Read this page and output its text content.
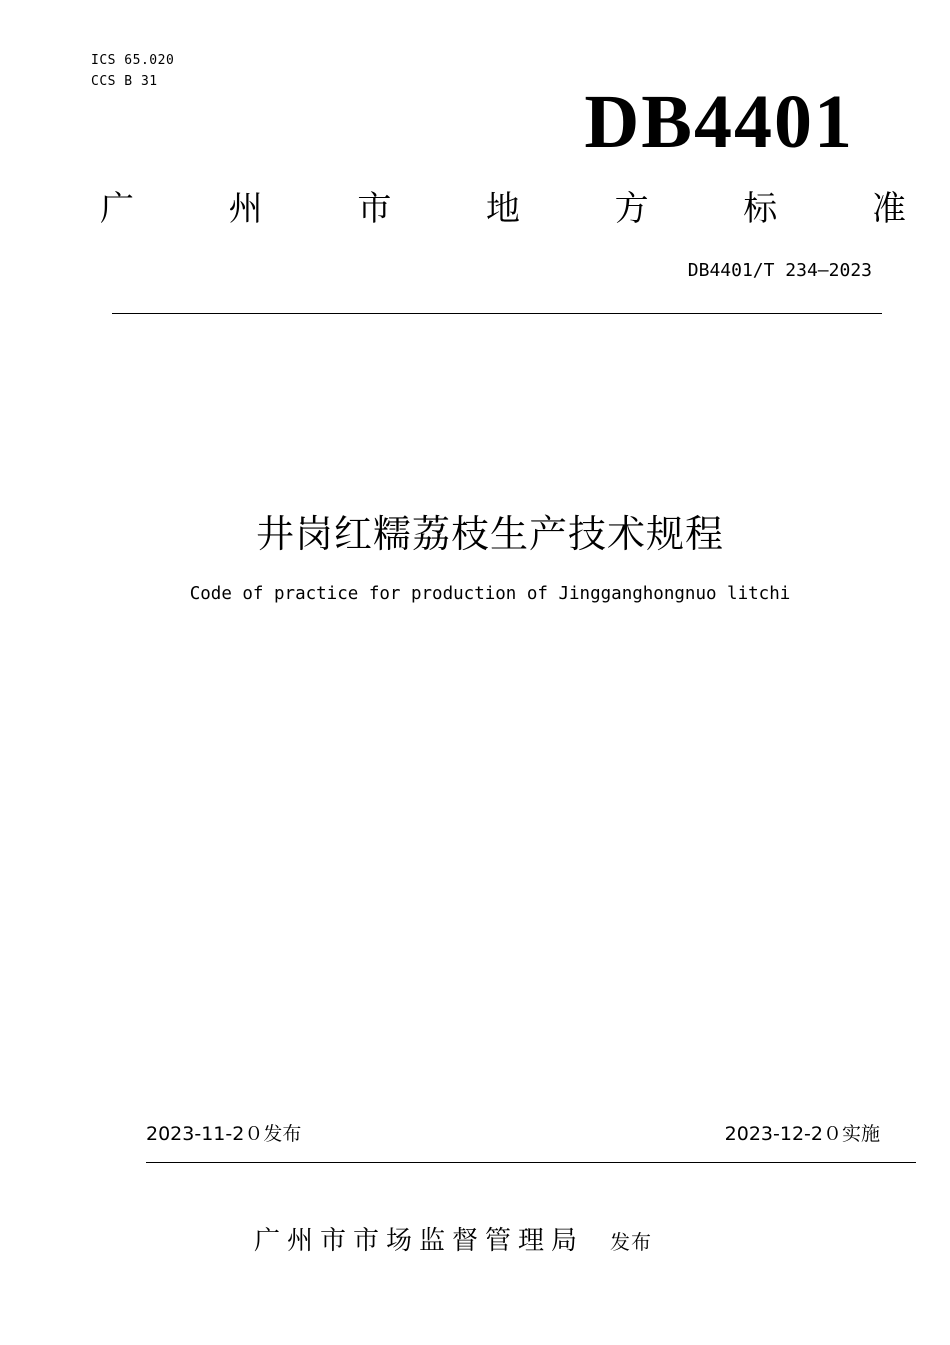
ICS 65.020
CCS B 31	DB4401
广	州	市	地	方	标	准
DB4401/T 234—2023
井岗红糯荔枝生产技术规程
Code of practice for production of Jingganghongnuo litchi
2023-11-2０发布	2023-12-2０实施
广州市市场监督管理局 发布
